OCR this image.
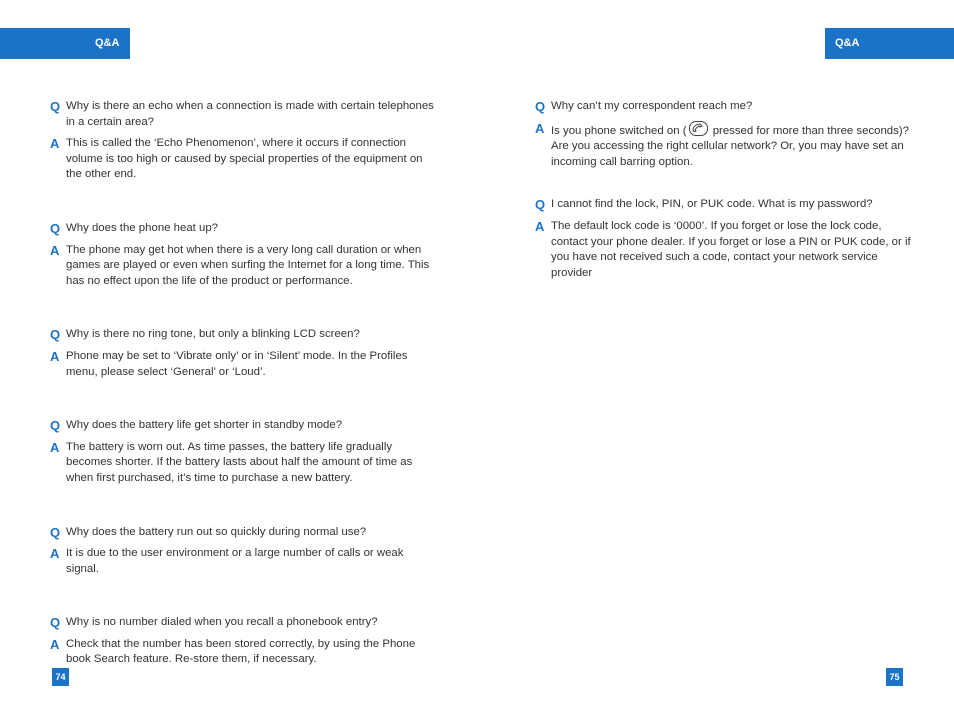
Q&A	Q&A
Q Why is there an echo when a connection is made with certain telephones in a certain area?
A This is called the ‘Echo Phenomenon’, where it occurs if connection volume is too high or caused by special properties of the equipment on the other end.
Q Why does the phone heat up?
A The phone may get hot when there is a very long call duration or when games are played or even when surfing the Internet for a long time. This has no effect upon the life of the product or performance.
Q Why is there no ring tone, but only a blinking LCD screen?
A Phone may be set to ‘Vibrate only’ or in ‘Silent’ mode. In the Profiles menu, please select ‘General’ or ‘Loud’.
Q Why does the battery life get shorter in standby mode?
A The battery is worn out. As time passes, the battery life gradually becomes shorter. If the battery lasts about half the amount of time as when first purchased, it’s time to purchase a new battery.
Q Why does the battery run out so quickly during normal use?
A It is due to the user environment or a large number of calls or weak signal.
Q Why is no number dialed when you recall a phonebook entry?
A Check that the number has been stored correctly, by using the Phone book Search feature. Re-store them, if necessary.
Q Why can’t my correspondent reach me?
A Is you phone switched on ( pressed for more than three seconds)? Are you accessing the right cellular network? Or, you may have set an incoming call barring option.
Q I cannot find the lock, PIN, or PUK code. What is my password?
A The default lock code is ‘0000’. If you forget or lose the lock code, contact your phone dealer. If you forget or lose a PIN or PUK code, or if you have not received such a code, contact your network service provider
74	75
